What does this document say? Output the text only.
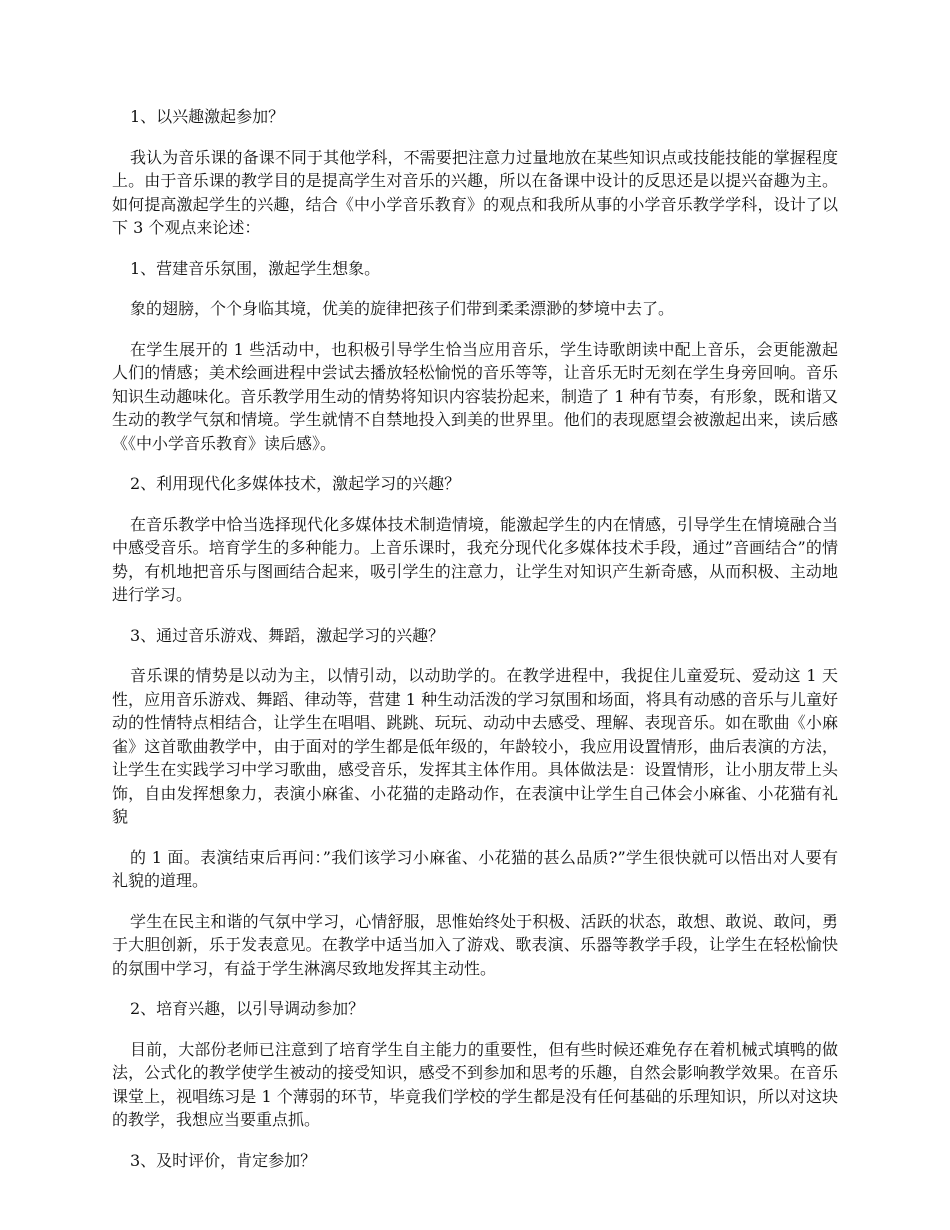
1、以兴趣激起参加？

我认为音乐课的备课不同于其他学科，不需要把注意力过量地放在某些知识点或技能技能的掌握程度上。由于音乐课的教学目的是提高学生对音乐的兴趣，所以在备课中设计的反思还是以提兴奋趣为主。如何提高激起学生的兴趣，结合《中小学音乐教育》的观点和我所从事的小学音乐教学学科，设计了以下 3 个观点来论述：

1、营建音乐氛围，激起学生想象。

象的翅膀，个个身临其境，优美的旋律把孩子们带到柔柔漂渺的梦境中去了。

在学生展开的 1 些活动中，也积极引导学生恰当应用音乐，学生诗歌朗读中配上音乐，会更能激起人们的情感；美术绘画进程中尝试去播放轻松愉悦的音乐等等，让音乐无时无刻在学生身旁回响。音乐知识生动趣味化。音乐教学用生动的情势将知识内容装扮起来，制造了 1 种有节奏，有形象，既和谐又生动的教学气氛和情境。学生就情不自禁地投入到美的世界里。他们的表现愿望会被激起出来，读后感《《中小学音乐教育》读后感》。

2、利用现代化多媒体技术，激起学习的兴趣？

在音乐教学中恰当选择现代化多媒体技术制造情境，能激起学生的内在情感，引导学生在情境融合当中感受音乐。培育学生的多种能力。上音乐课时，我充分现代化多媒体技术手段，通过”音画结合”的情势，有机地把音乐与图画结合起来，吸引学生的注意力，让学生对知识产生新奇感，从而积极、主动地进行学习。

3、通过音乐游戏、舞蹈，激起学习的兴趣？

音乐课的情势是以动为主，以情引动，以动助学的。在教学进程中，我捉住儿童爱玩、爱动这 1 天性，应用音乐游戏、舞蹈、律动等，营建 1 种生动活泼的学习氛围和场面，将具有动感的音乐与儿童好动的性情特点相结合，让学生在唱唱、跳跳、玩玩、动动中去感受、理解、表现音乐。如在歌曲《小麻雀》这首歌曲教学中，由于面对的学生都是低年级的，年龄较小，我应用设置情形，曲后表演的方法，让学生在实践学习中学习歌曲，感受音乐，发挥其主体作用。具体做法是：设置情形，让小朋友带上头饰，自由发挥想象力，表演小麻雀、小花猫的走路动作，在表演中让学生自己体会小麻雀、小花猫有礼貌

的 1 面。表演结束后再问：”我们该学习小麻雀、小花猫的甚么品质?”学生很快就可以悟出对人要有礼貌的道理。

学生在民主和谐的气氛中学习，心情舒服，思惟始终处于积极、活跃的状态，敢想、敢说、敢问，勇于大胆创新，乐于发表意见。在教学中适当加入了游戏、歌表演、乐器等教学手段，让学生在轻松愉快的氛围中学习，有益于学生淋漓尽致地发挥其主动性。

2、培育兴趣，以引导调动参加？

目前，大部份老师已注意到了培育学生自主能力的重要性，但有些时候还难免存在着机械式填鸭的做法，公式化的教学使学生被动的接受知识，感受不到参加和思考的乐趣，自然会影响教学效果。在音乐课堂上，视唱练习是 1 个薄弱的环节，毕竟我们学校的学生都是没有任何基础的乐理知识，所以对这块的教学，我想应当要重点抓。

3、及时评价，肯定参加？
